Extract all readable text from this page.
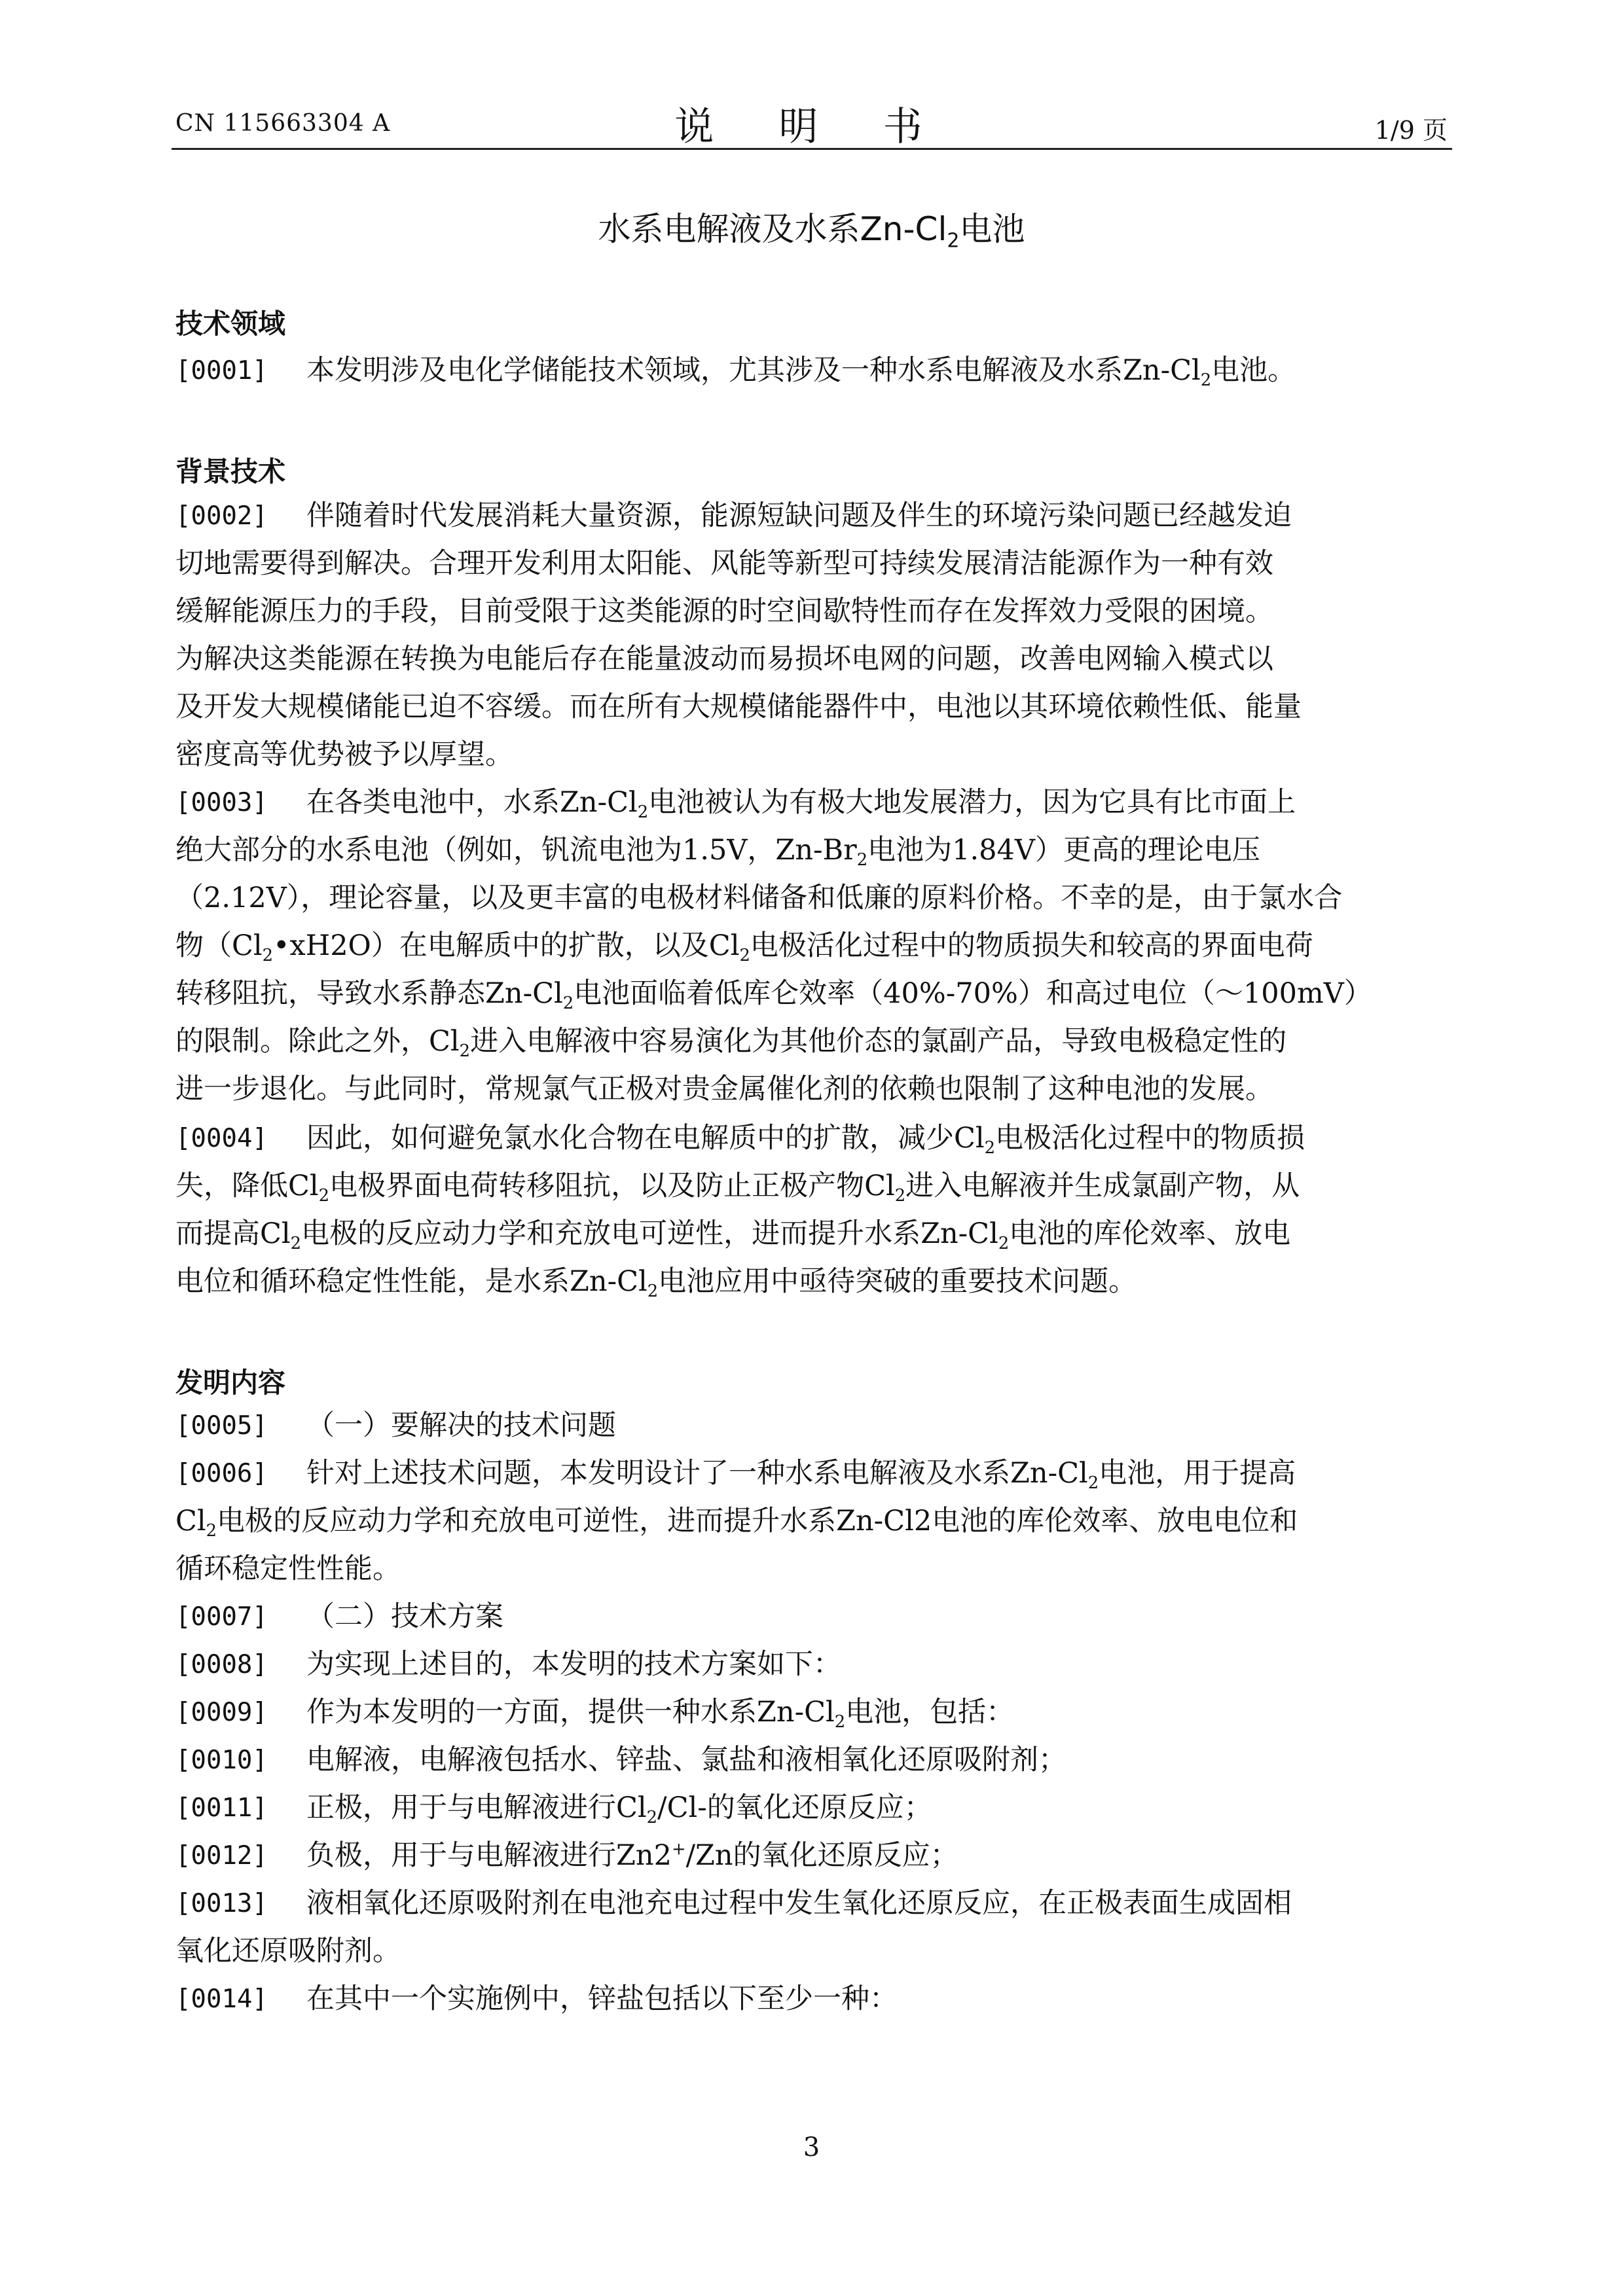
CN 115663304 A	说 明 书	1/9 页
水系电解液及水系$Zn-Cl_2$电池
技术领域
[0001]	本发明涉及电化学储能技术领域，尤其涉及一种水系电解液及水系$Zn-Cl_2$电池。
背景技术
[0002]	伴随着时代发展消耗大量资源，能源短缺问题及伴生的环境污染问题已经越发迫
切地需要得到解决。合理开发利用太阳能、风能等新型可持续发展清洁能源作为一种有效
缓解能源压力的手段，目前受限于这类能源的时空间歇特性而存在发挥效力受限的困境。
为解决这类能源在转换为电能后存在能量波动而易损坏电网的问题，改善电网输入模式以
及开发大规模储能已迫不容缓。而在所有大规模储能器件中，电池以其环境依赖性低、能量
密度高等优势被予以厚望。
[0003]	在各类电池中，水系$Zn-Cl_2$电池被认为有极大地发展潜力，因为它具有比市面上
绝大部分的水系电池（例如，钒流电池为1.5V，$Zn-Br_2$电池为1.84V）更高的理论电压
（2.12V），理论容量，以及更丰富的电极材料储备和低廉的原料价格。不幸的是，由于氯水合
物$(Cl_2•xH2O)$在电解质中的扩散，以及$Cl_2$电极活化过程中的物质损失和较高的界面电荷
转移阻抗，导致水系静态$Zn-Cl_2$电池面临着低库仑效率（40%-70%）和高过电位（～100mV）
的限制。除此之外，$Cl_2$进入电解液中容易演化为其他价态的氯副产品，导致电极稳定性的
进一步退化。与此同时，常规氯气正极对贵金属催化剂的依赖也限制了这种电池的发展。
[0004]	因此，如何避免氯水化合物在电解质中的扩散，减少$Cl_2$电极活化过程中的物质损
失，降低$Cl_2$电极界面电荷转移阻抗，以及防止正极产物$Cl_2$进入电解液并生成氯副产物，从
而提高$Cl_2$电极的反应动力学和充放电可逆性，进而提升水系$Zn-Cl_2$电池的库伦效率、放电
电位和循环稳定性性能，是水系$Zn-Cl_2$电池应用中亟待突破的重要技术问题。
发明内容
[0005]	（一）要解决的技术问题
[0006]	针对上述技术问题，本发明设计了一种水系电解液及水系$Zn-Cl_2$电池，用于提高
$Cl_2$电极的反应动力学和充放电可逆性，进而提升水系Zn-Cl2电池的库伦效率、放电电位和
循环稳定性性能。
[0007]	（二）技术方案
[0008]	为实现上述目的，本发明的技术方案如下：
[0009]	作为本发明的一方面，提供一种水系$Zn-Cl_2$电池，包括：
[0010]	电解液，电解液包括水、锌盐、氯盐和液相氧化还原吸附剂；
[0011]	正极，用于与电解液进行$Cl_2/Cl-$的氧化还原反应；
[0012]	负极，用于与电解液进行Zn2+/Zn的氧化还原反应；
[0013]	液相氧化还原吸附剂在电池充电过程中发生氧化还原反应，在正极表面生成固相
氧化还原吸附剂。
[0014]	在其中一个实施例中，锌盐包括以下至少一种：
3
